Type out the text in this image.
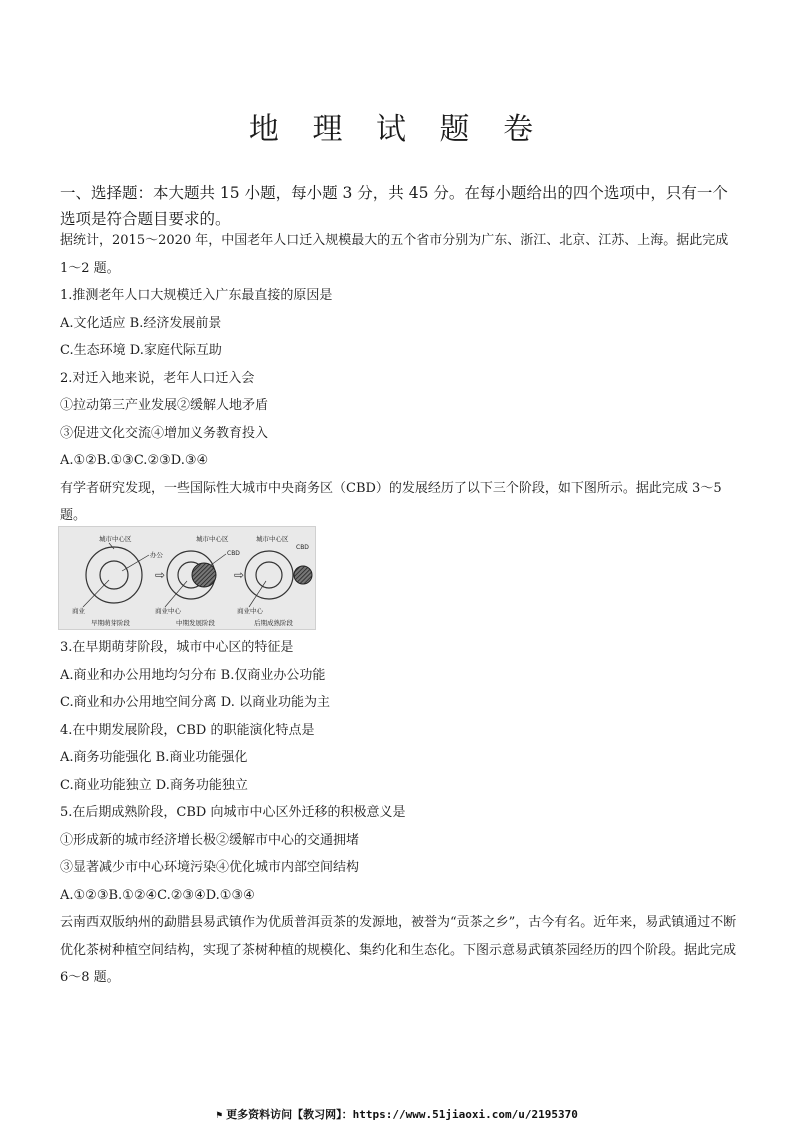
地 理 试 题 卷
一、选择题：本大题共 15 小题，每小题 3 分，共 45 分。在每小题给出的四个选项中，只有一个选项是符合题目要求的。
据统计，2015～2020 年，中国老年人口迁入规模最大的五个省市分别为广东、浙江、北京、江苏、上海。据此完成 1～2 题。
1.推测老年人口大规模迁入广东最直接的原因是
A.文化适应 B.经济发展前景
C.生态环境 D.家庭代际互助
2.对迁入地来说，老年人口迁入会
①拉动第三产业发展②缓解人地矛盾
③促进文化交流④增加义务教育投入
A.①②B.①③C.②③D.③④
有学者研究发现，一些国际性大城市中央商务区（CBD）的发展经历了以下三个阶段，如下图所示。据此完成 3～5 题。
城市中心区
办公
商业
早期萌芽阶段
⇨
城市中心区
CBD
商业中心
中期发展阶段
⇨
城市中心区
CBD
商业中心
后期成熟阶段
3.在早期萌芽阶段，城市中心区的特征是
A.商业和办公用地均匀分布 B.仅商业办公功能
C.商业和办公用地空间分离 D. 以商业功能为主
4.在中期发展阶段，CBD 的职能演化特点是
A.商务功能强化 B.商业功能强化
C.商业功能独立 D.商务功能独立
5.在后期成熟阶段，CBD 向城市中心区外迁移的积极意义是
①形成新的城市经济增长极②缓解市中心的交通拥堵
③显著减少市中心环境污染④优化城市内部空间结构
A.①②③B.①②④C.②③④D.①③④
云南西双版纳州的勐腊县易武镇作为优质普洱贡茶的发源地，被誉为“贡茶之乡”，古今有名。近年来，易武镇通过不断优化茶树种植空间结构，实现了茶树种植的规模化、集约化和生态化。下图示意易武镇茶园经历的四个阶段。据此完成 6～8 题。
⚑ 更多资料访问【教习网】：https://www.51jiaoxi.com/u/2195370
